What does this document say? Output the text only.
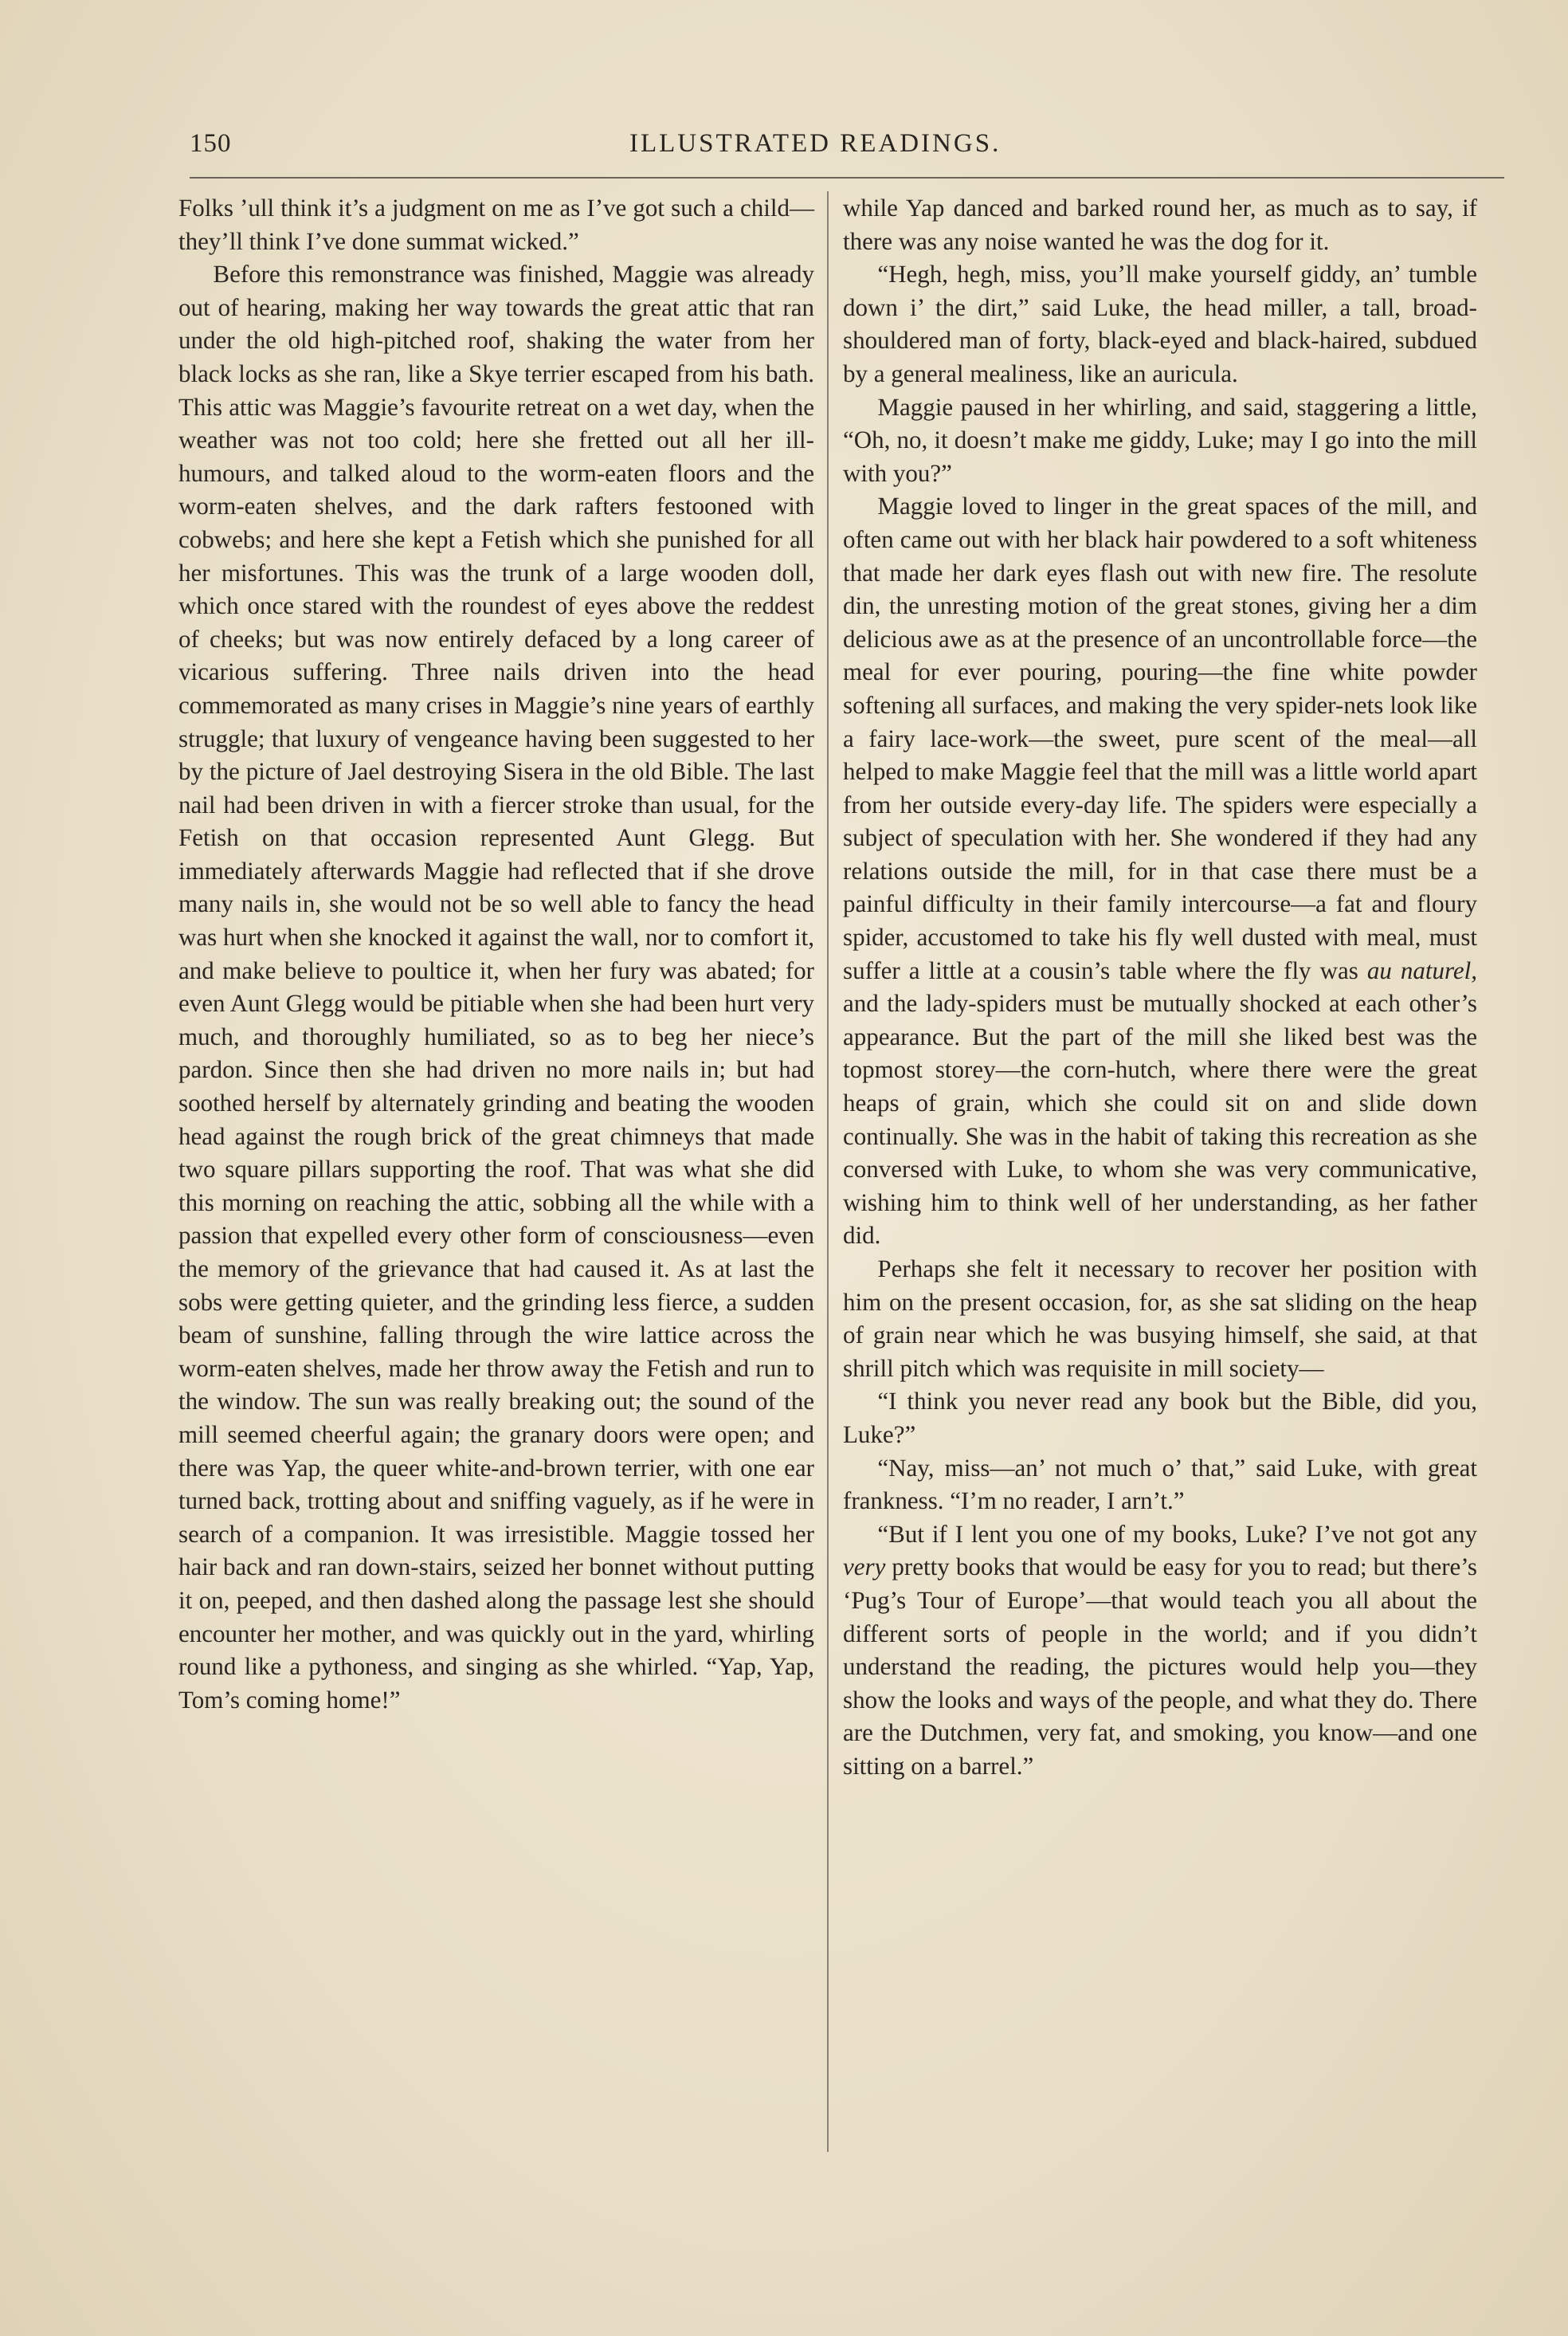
150	ILLUSTRATED READINGS.

Folks ’ull think it’s a judgment on me as I’ve got such a child—they’ll think I’ve done summat wicked.”

Before this remonstrance was finished, Maggie was already out of hearing, making her way towards the great attic that ran under the old high-pitched roof, shaking the water from her black locks as she ran, like a Skye terrier escaped from his bath. This attic was Maggie’s favourite retreat on a wet day, when the weather was not too cold; here she fretted out all her ill-humours, and talked aloud to the worm-eaten floors and the worm-eaten shelves, and the dark rafters festooned with cobwebs; and here she kept a Fetish which she punished for all her misfortunes. This was the trunk of a large wooden doll, which once stared with the roundest of eyes above the reddest of cheeks; but was now entirely defaced by a long career of vicarious suffering. Three nails driven into the head commemorated as many crises in Maggie’s nine years of earthly struggle; that luxury of vengeance having been suggested to her by the picture of Jael destroying Sisera in the old Bible. The last nail had been driven in with a fiercer stroke than usual, for the Fetish on that occasion represented Aunt Glegg. But immediately afterwards Maggie had reflected that if she drove many nails in, she would not be so well able to fancy the head was hurt when she knocked it against the wall, nor to comfort it, and make believe to poultice it, when her fury was abated; for even Aunt Glegg would be pitiable when she had been hurt very much, and thoroughly humiliated, so as to beg her niece’s pardon. Since then she had driven no more nails in; but had soothed herself by alternately grinding and beating the wooden head against the rough brick of the great chimneys that made two square pillars supporting the roof. That was what she did this morning on reaching the attic, sobbing all the while with a passion that expelled every other form of consciousness—even the memory of the grievance that had caused it. As at last the sobs were getting quieter, and the grinding less fierce, a sudden beam of sunshine, falling through the wire lattice across the worm-eaten shelves, made her throw away the Fetish and run to the window. The sun was really breaking out; the sound of the mill seemed cheerful again; the granary doors were open; and there was Yap, the queer white-and-brown terrier, with one ear turned back, trotting about and sniffing vaguely, as if he were in search of a companion. It was irresistible. Maggie tossed her hair back and ran down-stairs, seized her bonnet without putting it on, peeped, and then dashed along the passage lest she should encounter her mother, and was quickly out in the yard, whirling round like a pythoness, and singing as she whirled. “Yap, Yap, Tom’s coming home!”

while Yap danced and barked round her, as much as to say, if there was any noise wanted he was the dog for it.

“Hegh, hegh, miss, you’ll make yourself giddy, an’ tumble down i’ the dirt,” said Luke, the head miller, a tall, broad-shouldered man of forty, black-eyed and black-haired, subdued by a general mealiness, like an auricula.

Maggie paused in her whirling, and said, staggering a little, “Oh, no, it doesn’t make me giddy, Luke; may I go into the mill with you?”

Maggie loved to linger in the great spaces of the mill, and often came out with her black hair powdered to a soft whiteness that made her dark eyes flash out with new fire. The resolute din, the unresting motion of the great stones, giving her a dim delicious awe as at the presence of an uncontrollable force—the meal for ever pouring, pouring—the fine white powder softening all surfaces, and making the very spider-nets look like a fairy lace-work—the sweet, pure scent of the meal—all helped to make Maggie feel that the mill was a little world apart from her outside every-day life. The spiders were especially a subject of speculation with her. She wondered if they had any relations outside the mill, for in that case there must be a painful difficulty in their family intercourse—a fat and floury spider, accustomed to take his fly well dusted with meal, must suffer a little at a cousin’s table where the fly was au naturel, and the lady-spiders must be mutually shocked at each other’s appearance. But the part of the mill she liked best was the topmost storey—the corn-hutch, where there were the great heaps of grain, which she could sit on and slide down continually. She was in the habit of taking this recreation as she conversed with Luke, to whom she was very communicative, wishing him to think well of her understanding, as her father did.

Perhaps she felt it necessary to recover her position with him on the present occasion, for, as she sat sliding on the heap of grain near which he was busying himself, she said, at that shrill pitch which was requisite in mill society—

“I think you never read any book but the Bible, did you, Luke?”

“Nay, miss—an’ not much o’ that,” said Luke, with great frankness. “I’m no reader, I arn’t.”

“But if I lent you one of my books, Luke? I’ve not got any very pretty books that would be easy for you to read; but there’s ‘Pug’s Tour of Europe’—that would teach you all about the different sorts of people in the world; and if you didn’t understand the reading, the pictures would help you—they show the looks and ways of the people, and what they do. There are the Dutchmen, very fat, and smoking, you know—and one sitting on a barrel.”
